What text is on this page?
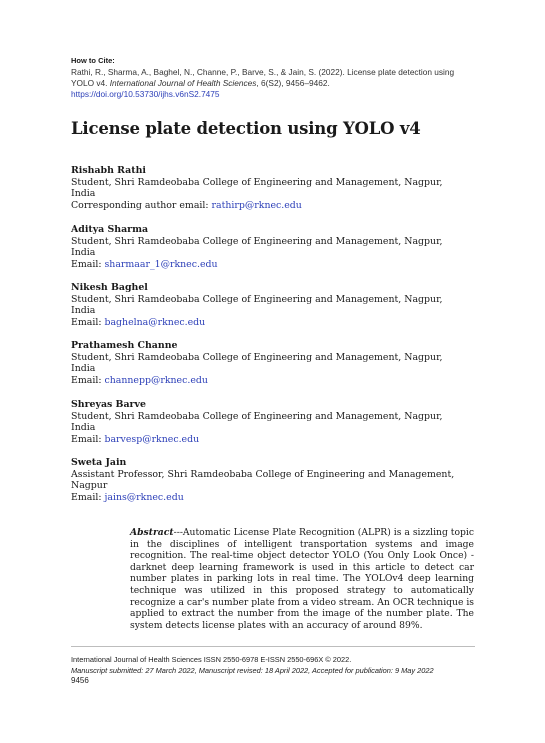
How to Cite:
Rathi, R., Sharma, A., Baghel, N., Channe, P., Barve, S., & Jain, S. (2022). License plate detection using YOLO v4. International Journal of Health Sciences, 6(S2), 9456–9462.
https://doi.org/10.53730/ijhs.v6nS2.7475
License plate detection using YOLO v4
Rishabh Rathi
Student, Shri Ramdeobaba College of Engineering and Management, Nagpur,
India
Corresponding author email: rathirp@rknec.edu
Aditya Sharma
Student, Shri Ramdeobaba College of Engineering and Management, Nagpur,
India
Email: sharmaar_1@rknec.edu
Nikesh Baghel
Student, Shri Ramdeobaba College of Engineering and Management, Nagpur,
India
Email: baghelna@rknec.edu
Prathamesh Channe
Student, Shri Ramdeobaba College of Engineering and Management, Nagpur,
India
Email: channepp@rknec.edu
Shreyas Barve
Student, Shri Ramdeobaba College of Engineering and Management, Nagpur,
India
Email: barvesp@rknec.edu
Sweta Jain
Assistant Professor, Shri Ramdeobaba College of Engineering and Management,
Nagpur
Email: jains@rknec.edu
Abstract---Automatic License Plate Recognition (ALPR) is a sizzling topic in the disciplines of intelligent transportation systems and image recognition. The real-time object detector YOLO (You Only Look Once) - darknet deep learning framework is used in this article to detect car number plates in parking lots in real time. The YOLOv4 deep learning technique was utilized in this proposed strategy to automatically recognize a car's number plate from a video stream. An OCR technique is applied to extract the number from the image of the number plate. The system detects license plates with an accuracy of around 89%.
International Journal of Health Sciences ISSN 2550-6978 E-ISSN 2550-696X © 2022.
Manuscript submitted: 27 March 2022, Manuscript revised: 18 April 2022, Accepted for publication: 9 May 2022
9456
